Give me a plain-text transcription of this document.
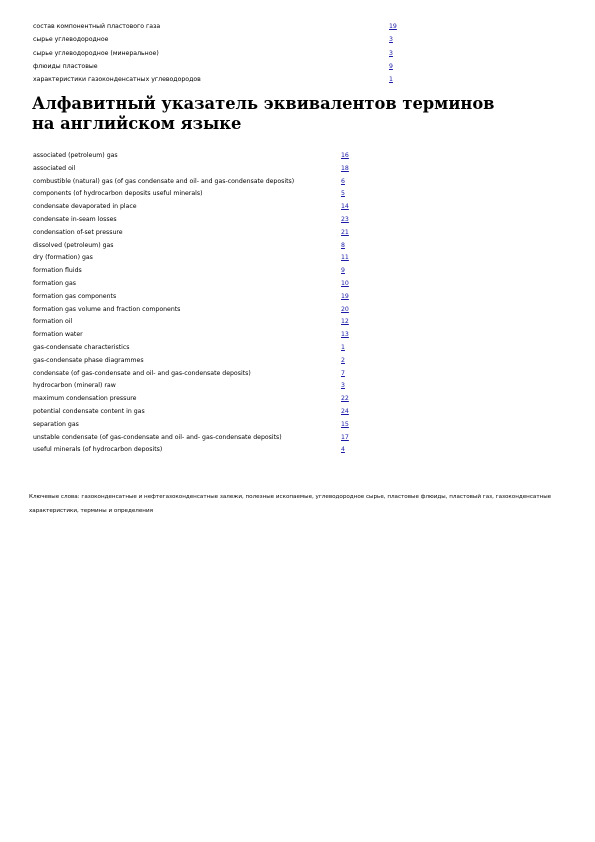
состав компонентный пластового газа	19
сырье углеводородное	3
сырье углеводородное (минеральное)	3
флюиды пластовые	9
характеристики газоконденсатных углеводородов	1
Алфавитный указатель эквивалентов терминов на английском языке
associated (petroleum) gas	16
associated oil	18
combustible (natural) gas (of gas condensate and oil- and gas-condensate deposits)	6
components (of hydrocarbon deposits useful minerals)	5
condensate devaporated in place	14
condensate in-seam losses	23
condensation of-set pressure	21
dissolved (petroleum) gas	8
dry (formation) gas	11
formation fluids	9
formation gas	10
formation gas components	19
formation gas volume and fraction components	20
formation oil	12
formation water	13
gas-condensate characteristics	1
gas-condensate phase diagrammes	2
condensate (of gas-condensate and oil- and gas-condensate deposits)	7
hydrocarbon (mineral) raw	3
maximum condensation pressure	22
potential condensate content in gas	24
separation gas	15
unstable condensate (of gas-condensate and oil- and- gas-condensate deposits)	17
useful minerals (of hydrocarbon deposits)	4

Ключевые слова: газоконденсатные и нефтегазоконденсатные залежи, полезные ископаемые, углеводородное сырье, пластовые флюиды, пластовый газ, газоконденсатные характеристики, термины и определения
